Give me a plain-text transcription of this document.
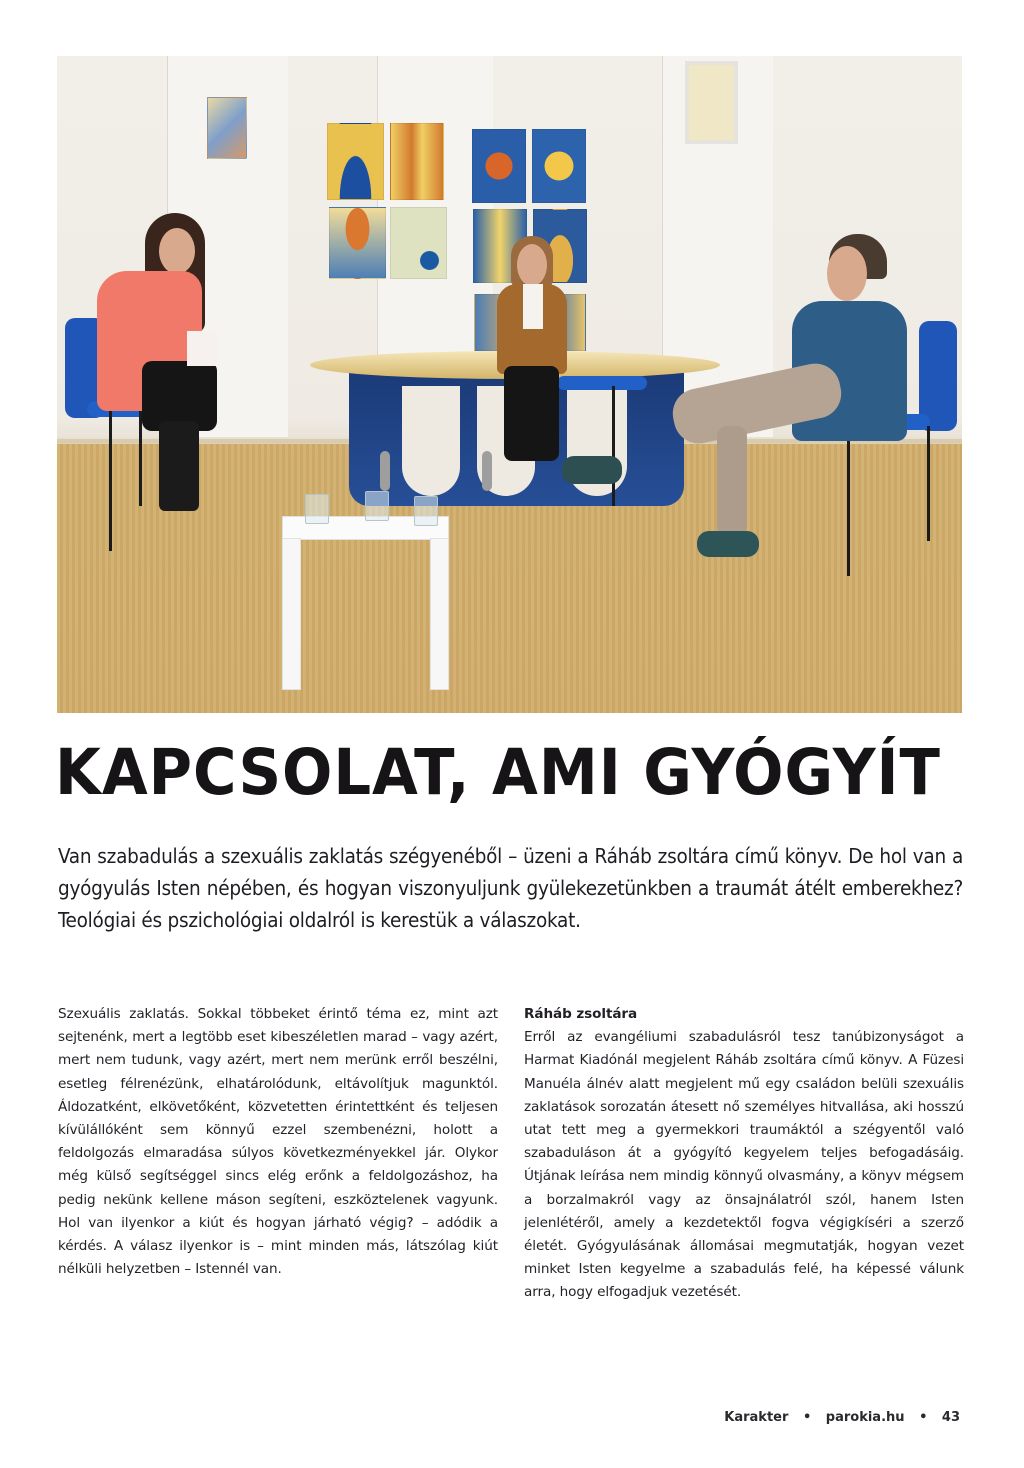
KAPCSOLAT, AMI GYÓGYÍT

Van szabadulás a szexuális zaklatás szégyenéből – üzeni a Ráháb zsoltára című könyv. De hol van a gyógyulás Isten népében, és hogyan viszonyuljunk gyülekezetünkben a traumát átélt emberekhez? Teológiai és pszichológiai oldalról is kerestük a válaszokat.

Szexuális zaklatás. Sokkal többeket érintő téma ez, mint azt sejtenénk, mert a legtöbb eset kibeszéletlen marad – vagy azért, mert nem tudunk, vagy azért, mert nem merünk erről beszélni, esetleg félrenézünk, elhatárolódunk, eltávolítjuk magunktól. Áldozatként, elkövetőként, közvetetten érintettként és teljesen kívülállóként sem könnyű ezzel szembenézni, holott a feldolgozás elmaradása súlyos következményekkel jár. Olykor még külső segítséggel sincs elég erőnk a feldolgozáshoz, ha pedig nekünk kellene máson segíteni, eszköztelenek vagyunk. Hol van ilyenkor a kiút és hogyan járható végig? – adódik a kérdés. A válasz ilyenkor is – mint minden más, látszólag kiút nélküli helyzetben – Istennél van.

Ráháb zsoltára

Erről az evangéliumi szabadulásról tesz tanúbizonyságot a Harmat Kiadónál megjelent Ráháb zsoltára című könyv. A Füzesi Manuéla álnév alatt megjelent mű egy családon belüli szexuális zaklatások sorozatán átesett nő személyes hitvallása, aki hosszú utat tett meg a gyermekkori traumáktól a szégyentől való szabaduláson át a gyógyító kegyelem teljes befogadásáig. Útjának leírása nem mindig könnyű olvasmány, a könyv mégsem a borzalmakról vagy az önsajnálatról szól, hanem Isten jelenlétéről, amely a kezdetektől fogva végigkíséri a szerző életét. Gyógyulásának állomásai megmutatják, hogyan vezet minket Isten kegyelme a szabadulás felé, ha képessé válunk arra, hogy elfogadjuk vezetését.

Karakter • parokia.hu • 43
